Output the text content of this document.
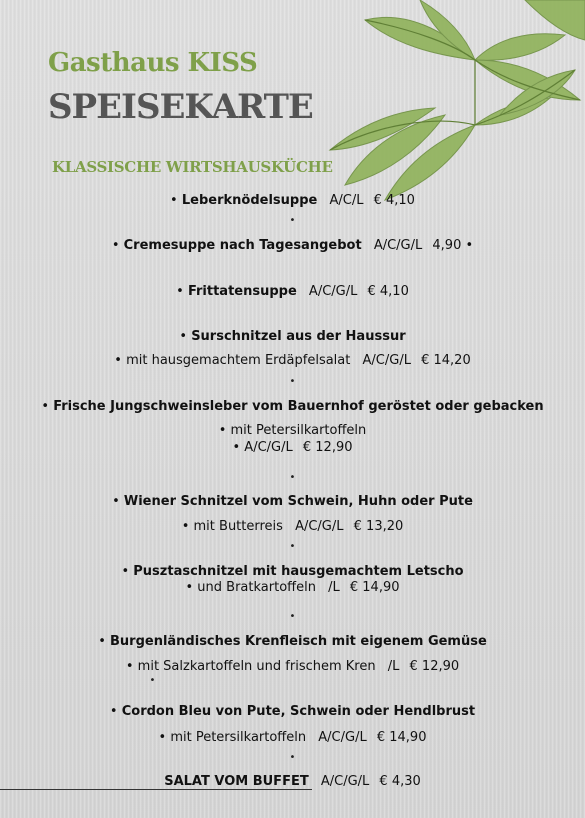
Gasthaus KISS
SPEISEKARTE
KLASSISCHE WIRTSHAUSKÜCHE
• Leberknödelsuppe A/C/L € 4,10
•
• Cremesuppe nach Tagesangebot A/C/G/L 4,90 •
• Frittatensuppe A/C/G/L € 4,10
• Surschnitzel aus der Haussur
• mit hausgemachtem Erdäpfelsalat A/C/G/L € 14,20
•
• Frische Jungschweinsleber vom Bauernhof geröstet oder gebacken
• mit Petersilkartoffeln
• A/C/G/L € 12,90
•
• Wiener Schnitzel vom Schwein, Huhn oder Pute
• mit Butterreis A/C/G/L € 13,20
•
• Pusztaschnitzel mit hausgemachtem Letscho
• und Bratkartoffeln /L € 14,90
•
• Burgenländisches Krenfleisch mit eigenem Gemüse
• mit Salzkartoffeln und frischem Kren /L € 12,90
•
• Cordon Bleu von Pute, Schwein oder Hendlbrust
• mit Petersilkartoffeln A/C/G/L € 14,90
•
SALAT VOM BUFFET A/C/G/L € 4,30
